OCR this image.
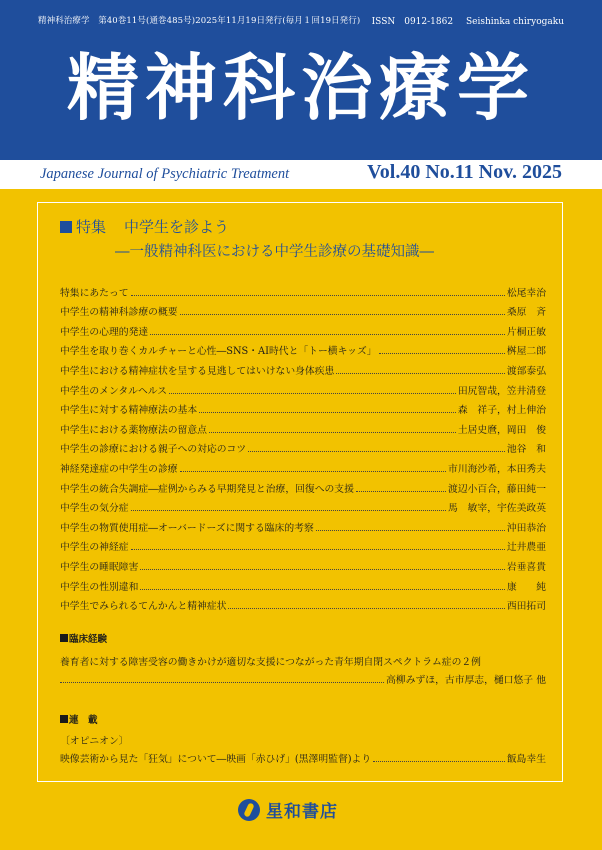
精神科治療学　第40巻11号(通巻485号)2025年11月19日発行(毎月１回19日発行) ISSN　0912-1862 Seishinka chiryogaku
精神科治療学
Japanese Journal of Psychiatric Treatment	Vol.40 No.11 Nov. 2025
特集 中学生を診よう
―一般精神科医における中学生診療の基礎知識―
特集にあたって	松尾幸治
中学生の精神科診療の概要	桑原　斉
中学生の心理的発達	片桐正敏
中学生を取り巻くカルチャーと心性―SNS・AI時代と「トー横キッズ」	桝屋二郎
中学生における精神症状を呈する見逃してはいけない身体疾患	渡部泰弘
中学生のメンタルヘルス	田尻智哉，笠井清登
中学生に対する精神療法の基本	森　祥子，村上伸治
中学生における薬物療法の留意点	土居史麿，岡田　俊
中学生の診療における親子への対応のコツ	池谷　和
神経発達症の中学生の診療	市川海沙希，本田秀夫
中学生の統合失調症―症例からみる早期発見と治療，回復への支援	渡辺小百合，藤田純一
中学生の気分症	馬　敏宰，宇佐美政英
中学生の物質使用症―オーバードーズに関する臨床的考察	沖田恭治
中学生の神経症	辻井農亜
中学生の睡眠障害	岩垂喜貴
中学生の性別違和	康　　純
中学生でみられるてんかんと精神症状	西田拓司
臨床経験
養育者に対する障害受容の働きかけが適切な支援につながった青年期自閉スペクトラム症の２例
高柳みずほ，古市厚志，樋口悠子 他
連　載
〔オピニオン〕
映像芸術から見た「狂気」について―映画「赤ひげ」(黒澤明監督)より	飯島幸生
星和書店
